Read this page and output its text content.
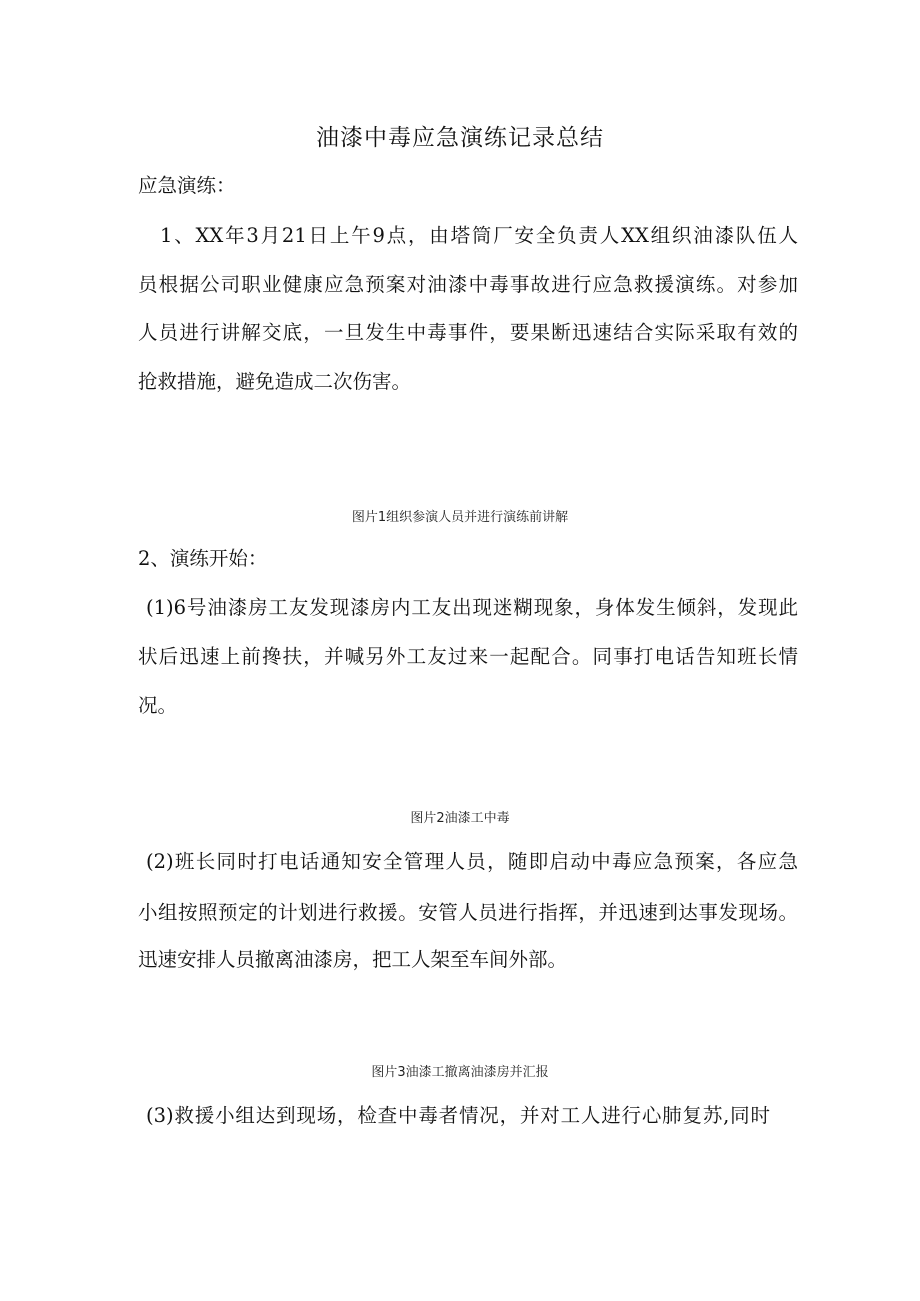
油漆中毒应急演练记录总结

应急演练：

1、XX年3月21日上午9点，由塔筒厂安全负责人XX组织油漆队伍人

员根据公司职业健康应急预案对油漆中毒事故进行应急救援演练。对参加

人员进行讲解交底，一旦发生中毒事件，要果断迅速结合实际采取有效的

抢救措施，避免造成二次伤害。

图片1组织参演人员并进行演练前讲解

2、演练开始：

(1)6号油漆房工友发现漆房内工友出现迷糊现象，身体发生倾斜，发现此

状后迅速上前搀扶，并喊另外工友过来一起配合。同事打电话告知班长情

况。

图片2油漆工中毒

(2)班长同时打电话通知安全管理人员，随即启动中毒应急预案，各应急

小组按照预定的计划进行救援。安管人员进行指挥，并迅速到达事发现场。

迅速安排人员撤离油漆房，把工人架至车间外部。

图片3油漆工撤离油漆房并汇报

(3)救援小组达到现场，检查中毒者情况，并对工人进行心肺复苏,同时
